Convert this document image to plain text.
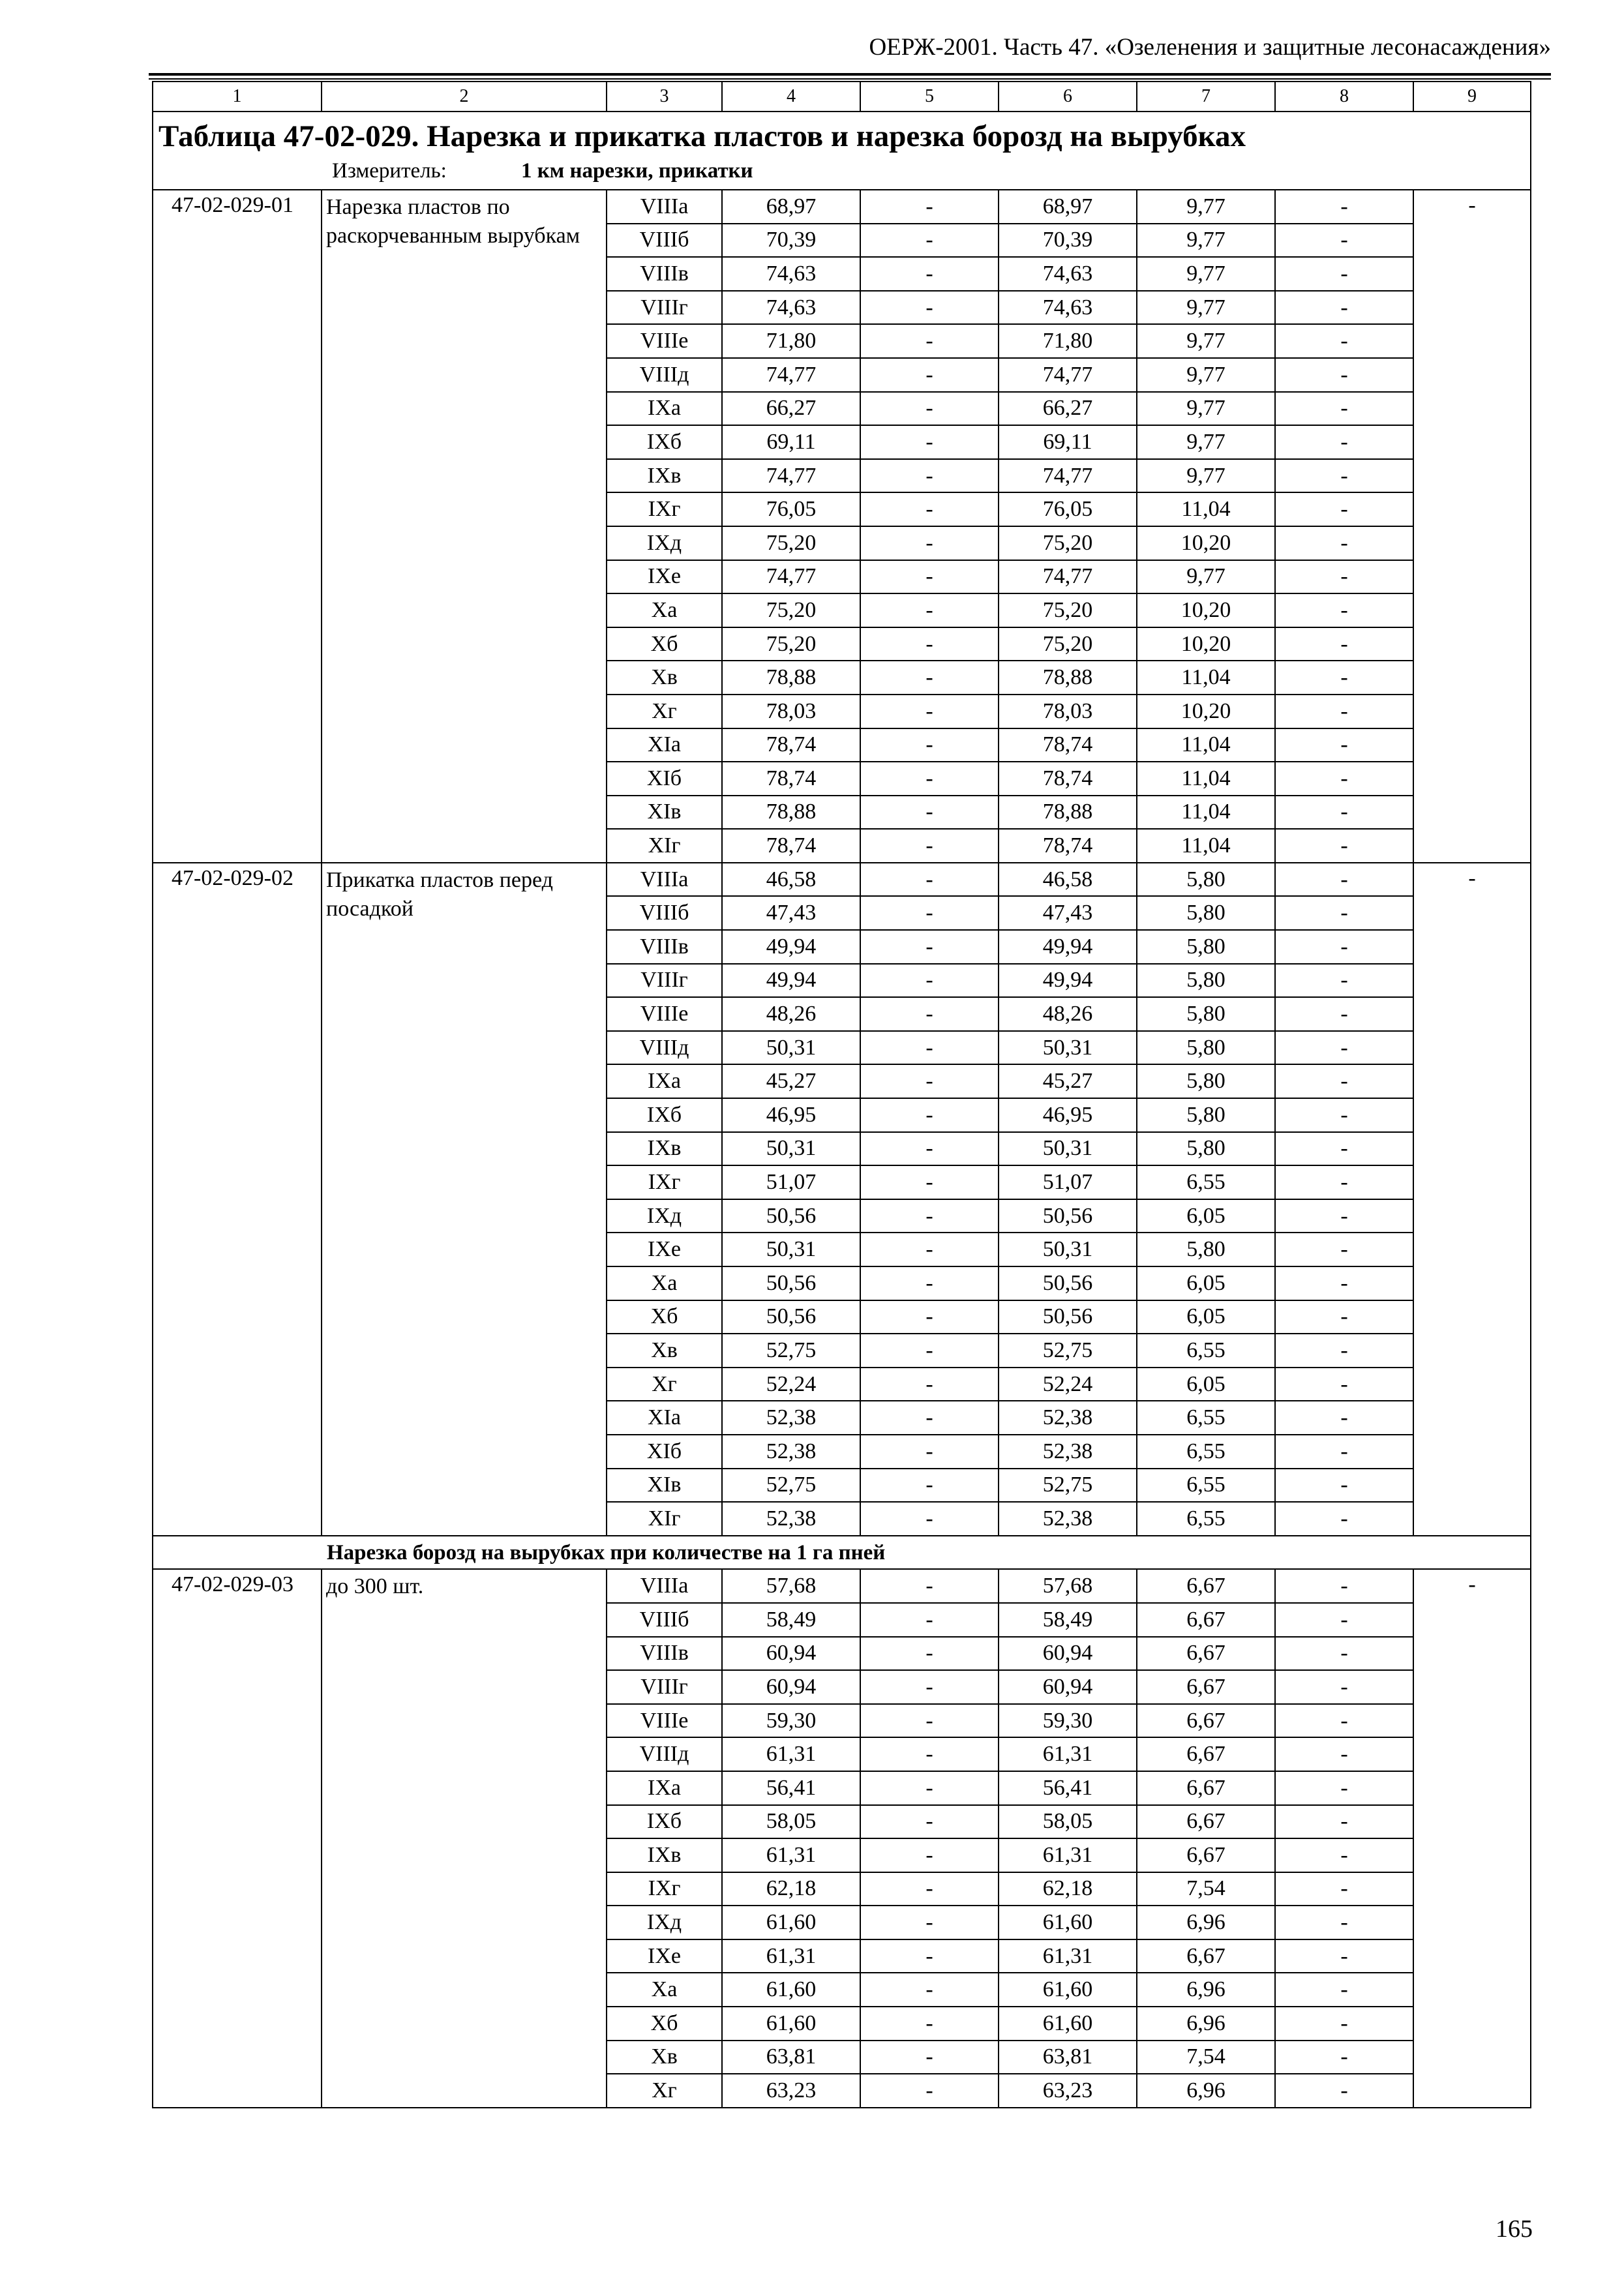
ОЕРЖ-2001. Часть 47. «Озеленения и защитные лесонасаждения»
1	2	3	4	5	6	7	8	9

Таблица 47-02-029. Нарезка и прикатка пластов и нарезка борозд на вырубках
Измеритель: 1 км нарезки, прикатки								

47-02-029-01	Нарезка пластов по раскорчеванным вырубкам	VIIIа	68,97	-	68,97	9,77	-	-
		VIIIб	70,39	-	70,39	9,77	-	
		VIIIв	74,63	-	74,63	9,77	-	
		VIIIг	74,63	-	74,63	9,77	-	
		VIIIе	71,80	-	71,80	9,77	-	
		VIIIд	74,77	-	74,77	9,77	-	
		IXа	66,27	-	66,27	9,77	-	
		IXб	69,11	-	69,11	9,77	-	
		IXв	74,77	-	74,77	9,77	-	
		IXг	76,05	-	76,05	11,04	-	
		IXд	75,20	-	75,20	10,20	-	
		IXе	74,77	-	74,77	9,77	-	
		Xа	75,20	-	75,20	10,20	-	
		Xб	75,20	-	75,20	10,20	-	
		Xв	78,88	-	78,88	11,04	-	
		Xг	78,03	-	78,03	10,20	-	
		XIа	78,74	-	78,74	11,04	-	
		XIб	78,74	-	78,74	11,04	-	
		XIв	78,88	-	78,88	11,04	-	
		XIг	78,74	-	78,74	11,04	-	
47-02-029-02	Прикатка пластов перед посадкой	VIIIа	46,58	-	46,58	5,80	-	-
		VIIIб	47,43	-	47,43	5,80	-	
		VIIIв	49,94	-	49,94	5,80	-	
		VIIIг	49,94	-	49,94	5,80	-	
		VIIIе	48,26	-	48,26	5,80	-	
		VIIIд	50,31	-	50,31	5,80	-	
		IXа	45,27	-	45,27	5,80	-	
		IXб	46,95	-	46,95	5,80	-	
		IXв	50,31	-	50,31	5,80	-	
		IXг	51,07	-	51,07	6,55	-	
		IXд	50,56	-	50,56	6,05	-	
		IXе	50,31	-	50,31	5,80	-	
		Xа	50,56	-	50,56	6,05	-	
		Xб	50,56	-	50,56	6,05	-	
		Xв	52,75	-	52,75	6,55	-	
		Xг	52,24	-	52,24	6,05	-	
		XIа	52,38	-	52,38	6,55	-	
		XIб	52,38	-	52,38	6,55	-	
		XIв	52,75	-	52,75	6,55	-	
		XIг	52,38	-	52,38	6,55	-	
Нарезка борозд на вырубках при количестве на 1 га пней								
47-02-029-03	до 300 шт.	VIIIа	57,68	-	57,68	6,67	-	-
		VIIIб	58,49	-	58,49	6,67	-	
		VIIIв	60,94	-	60,94	6,67	-	
		VIIIг	60,94	-	60,94	6,67	-	
		VIIIе	59,30	-	59,30	6,67	-	
		VIIIд	61,31	-	61,31	6,67	-	
		IXа	56,41	-	56,41	6,67	-	
		IXб	58,05	-	58,05	6,67	-	
		IXв	61,31	-	61,31	6,67	-	
		IXг	62,18	-	62,18	7,54	-	
		IXд	61,60	-	61,60	6,96	-	
		IXе	61,31	-	61,31	6,67	-	
		Xа	61,60	-	61,60	6,96	-	
		Xб	61,60	-	61,60	6,96	-	
		Xв	63,81	-	63,81	7,54	-	
		Xг	63,23	-	63,23	6,96	-	
165
